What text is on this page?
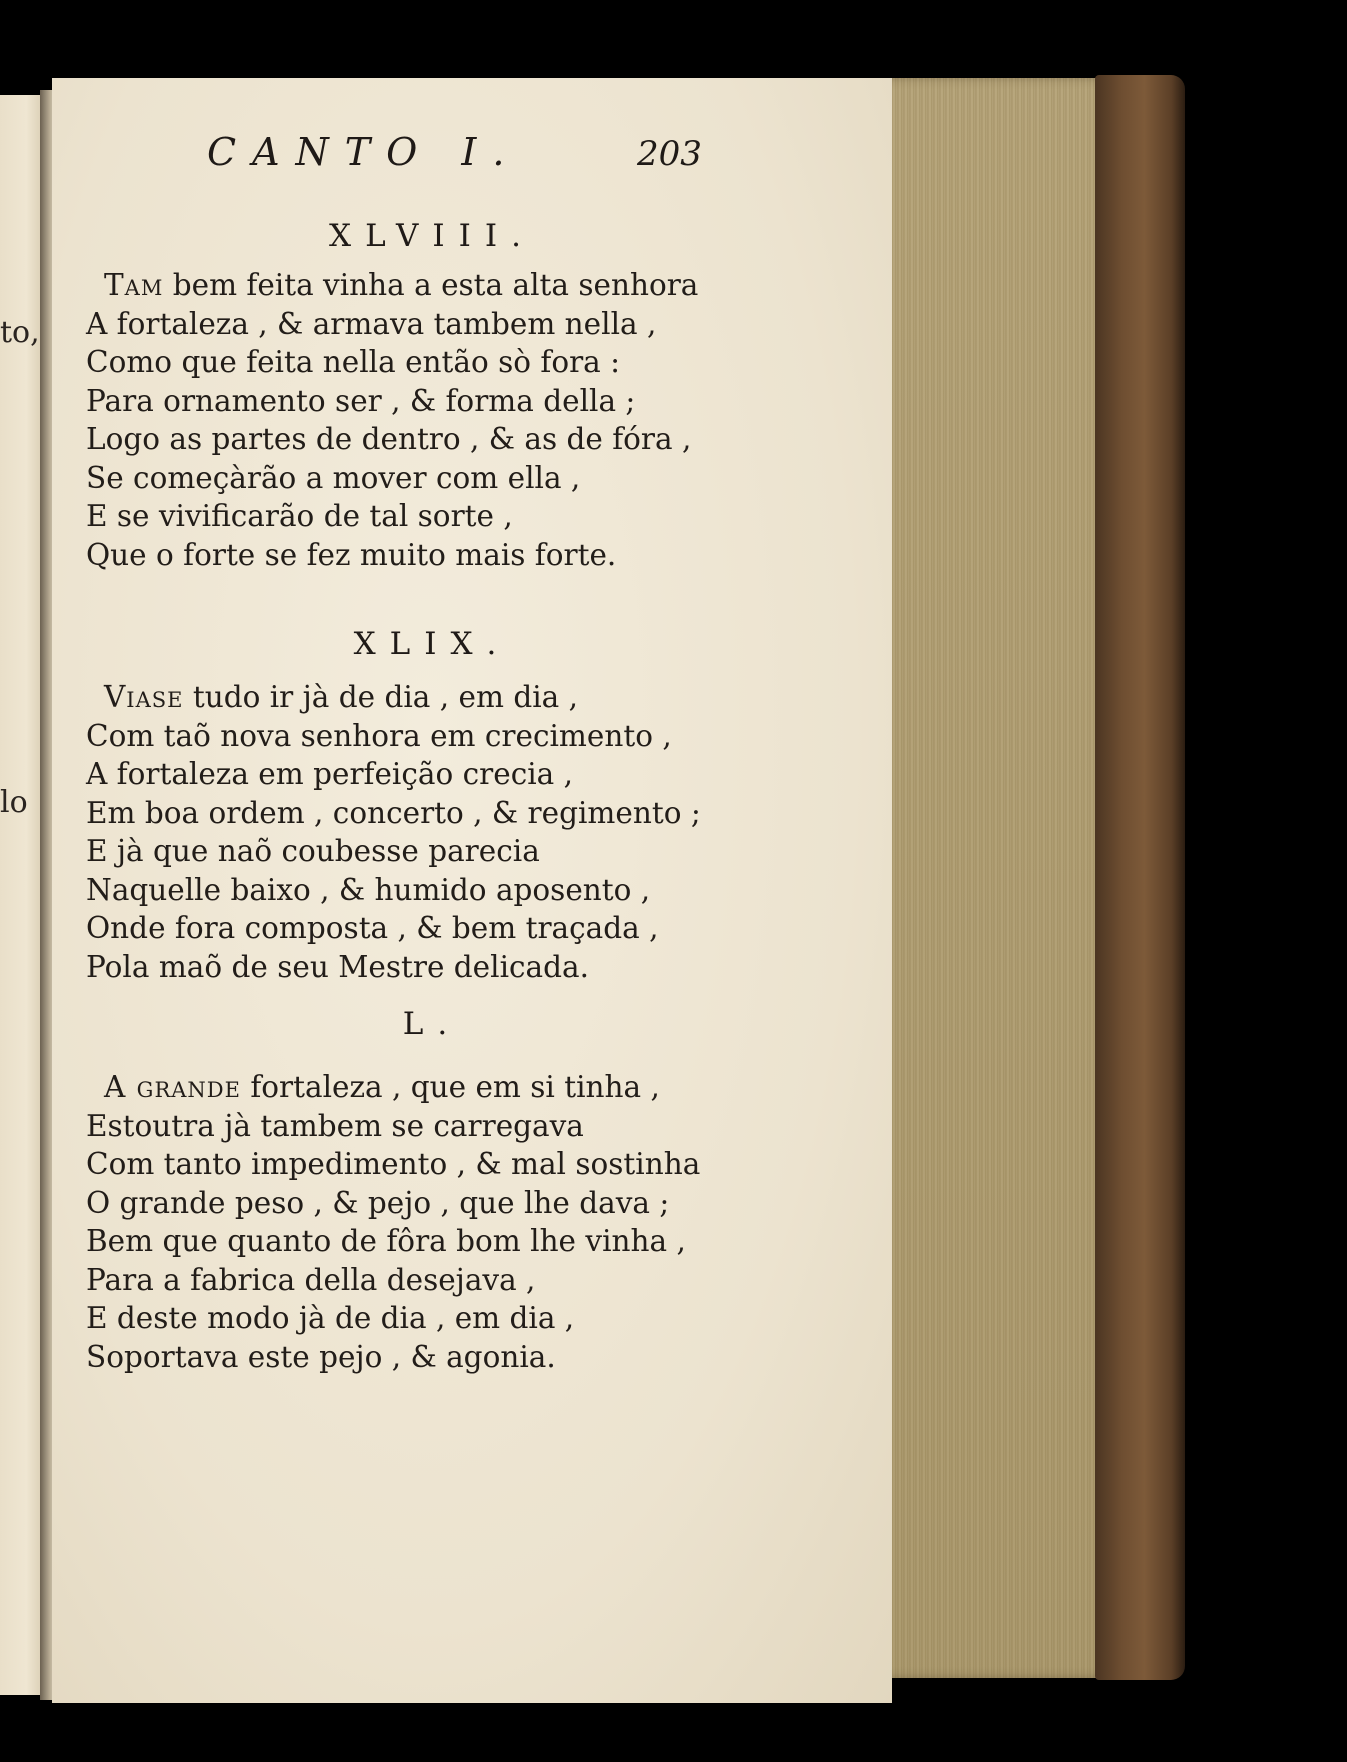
to,
lo
CANTO I.	203
XLVIII.
Tam bem feita vinha a esta alta senhora
A fortaleza , & armava tambem nella ,
Como que feita nella então sò fora :
Para ornamento ser , & forma della ;
Logo as partes de dentro , & as de fóra ,
Se começàrão a mover com ella ,
E se vivificarão de tal sorte ,
Que o forte se fez muito mais forte.
XLIX.
Viase tudo ir jà de dia , em dia ,
Com taõ nova senhora em crecimento ,
A fortaleza em perfeição crecia ,
Em boa ordem , concerto , & regimento ;
E jà que naõ coubesse parecia
Naquelle baixo , & humido aposento ,
Onde fora composta , & bem traçada ,
Pola maõ de seu Mestre delicada.
L.
A grande fortaleza , que em si tinha ,
Estoutra jà tambem se carregava
Com tanto impedimento , & mal sostinha
O grande peso , & pejo , que lhe dava ;
Bem que quanto de fôra bom lhe vinha ,
Para a fabrica della desejava ,
E deste modo jà de dia , em dia ,
Soportava este pejo , & agonia.
